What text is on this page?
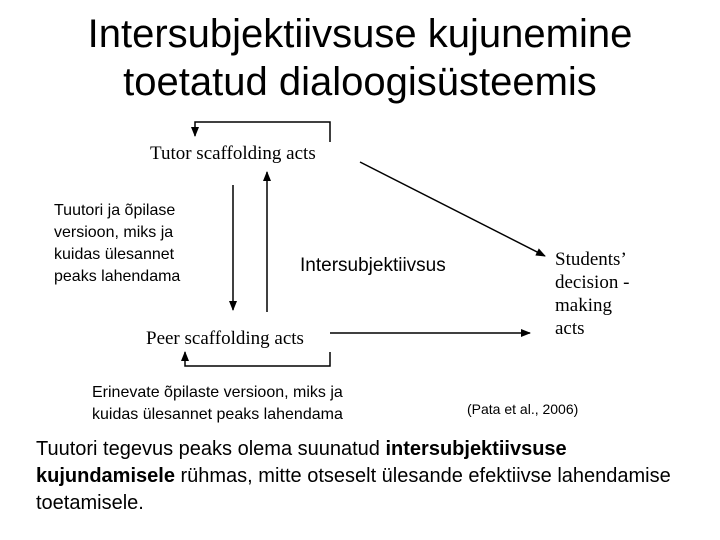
Intersubjektiivsuse kujunemine
toetatud dialoogisüsteemis
Tutor scaffolding acts
Peer scaffolding acts
Students’
decision -
making
acts
Intersubjektiivsus
Tuutori ja õpilase
versioon, miks ja
kuidas ülesannet
peaks lahendama
Erinevate õpilaste versioon, miks ja
kuidas ülesannet peaks lahendama	(Pata et al., 2006)
Tuutori tegevus peaks olema suunatud intersubjektiivsuse kujundamisele rühmas, mitte otseselt ülesande efektiivse lahendamise toetamisele.
